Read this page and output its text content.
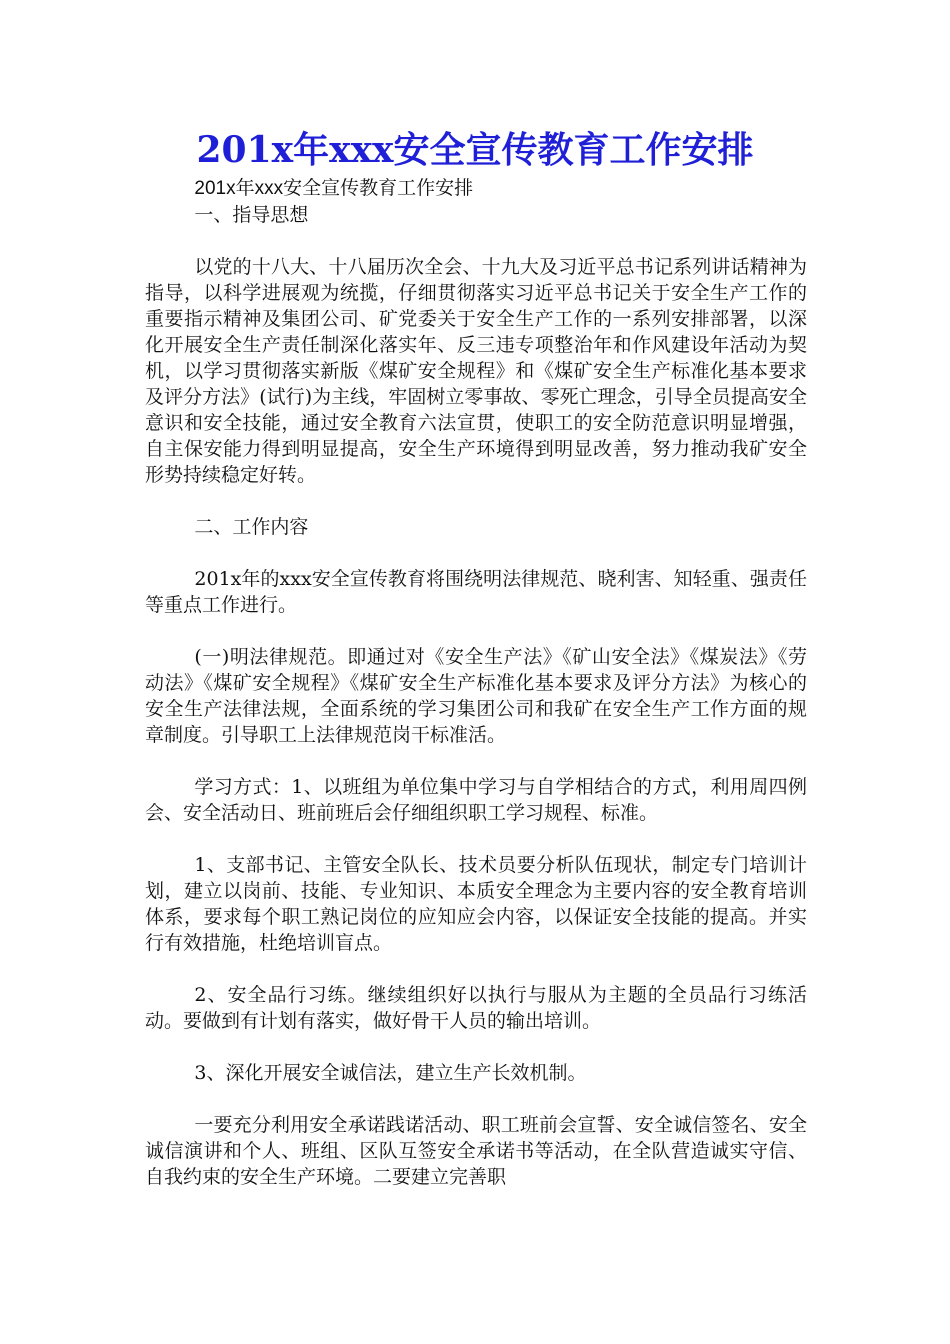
201x年xxx安全宣传教育工作安排

201x年xxx安全宣传教育工作安排

一、指导思想

以党的十八大、十八届历次全会、十九大及习近平总书记系列讲话精神为指导，以科学进展观为统揽，仔细贯彻落实习近平总书记关于安全生产工作的重要指示精神及集团公司、矿党委关于安全生产工作的一系列安排部署，以深化开展安全生产责任制深化落实年、反三违专项整治年和作风建设年活动为契机，以学习贯彻落实新版《煤矿安全规程》和《煤矿安全生产标准化基本要求及评分方法》(试行)为主线，牢固树立零事故、零死亡理念，引导全员提高安全意识和安全技能，通过安全教育六法宣贯，使职工的安全防范意识明显增强，自主保安能力得到明显提高，安全生产环境得到明显改善，努力推动我矿安全形势持续稳定好转。

二、工作内容

201x年的xxx安全宣传教育将围绕明法律规范、晓利害、知轻重、强责任等重点工作进行。

(一)明法律规范。即通过对《安全生产法》《矿山安全法》《煤炭法》《劳动法》《煤矿安全规程》《煤矿安全生产标准化基本要求及评分方法》为核心的安全生产法律法规，全面系统的学习集团公司和我矿在安全生产工作方面的规章制度。引导职工上法律规范岗干标准活。

学习方式：1、以班组为单位集中学习与自学相结合的方式，利用周四例会、安全活动日、班前班后会仔细组织职工学习规程、标准。

1、支部书记、主管安全队长、技术员要分析队伍现状，制定专门培训计划，建立以岗前、技能、专业知识、本质安全理念为主要内容的安全教育培训体系，要求每个职工熟记岗位的应知应会内容，以保证安全技能的提高。并实行有效措施，杜绝培训盲点。

2、安全品行习练。继续组织好以执行与服从为主题的全员品行习练活动。要做到有计划有落实，做好骨干人员的输出培训。

3、深化开展安全诚信法，建立生产长效机制。

一要充分利用安全承诺践诺活动、职工班前会宣誓、安全诚信签名、安全诚信演讲和个人、班组、区队互签安全承诺书等活动，在全队营造诚实守信、自我约束的安全生产环境。二要建立完善职
